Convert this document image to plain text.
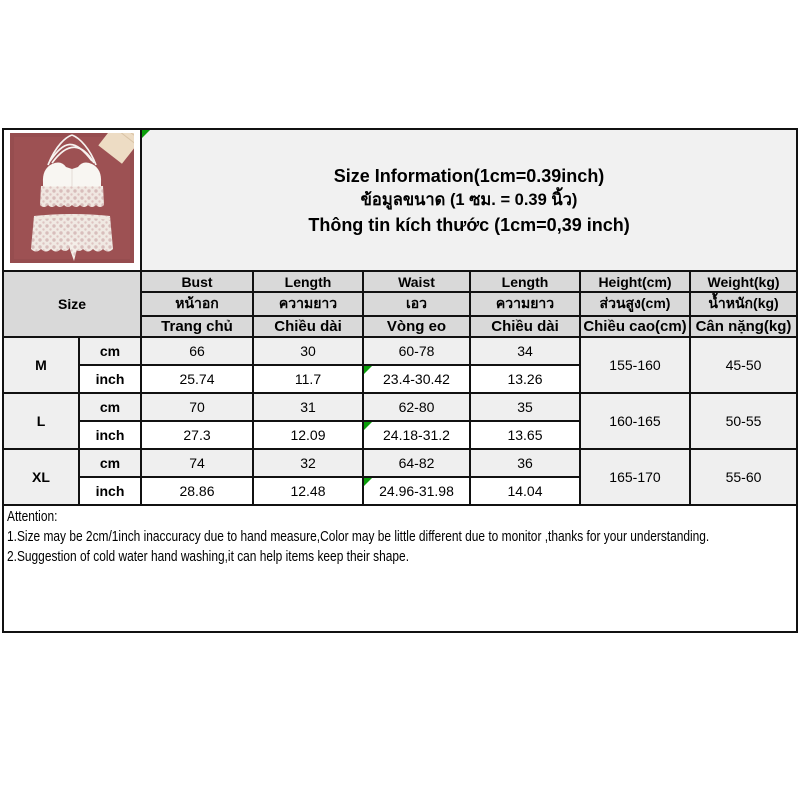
Size Information(1cm=0.39inch)
ข้อมูลขนาด (1 ซม. = 0.39 นิ้ว)
Thông tin kích thước (1cm=0,39 inch)					

Size		Bust	Length	Waist	Length	Height(cm)	Weight(kg)
		หน้าอก	ความยาว	เอว	ความยาว	ส่วนสูง(cm)	น้ำหนัก(kg)
		Trang chủ	Chiều dài	Vòng eo	Chiều dài	Chiều cao(cm)	Cân nặng(kg)
M	cm	66	30	60-78	34	155-160	45-50
	inch	25.74	11.7	23.4-30.42	13.26		
L	cm	70	31	62-80	35	160-165	50-55
	inch	27.3	12.09	24.18-31.2	13.65		
XL	cm	74	32	64-82	36	165-170	55-60
	inch	28.86	12.48	24.96-31.98	14.04		

Attention:
1.Size may be 2cm/1inch inaccuracy due to hand measure,Color may be little different due to monitor ,thanks for your understanding.
2.Suggestion of cold water hand washing,it can help items keep their shape.							
